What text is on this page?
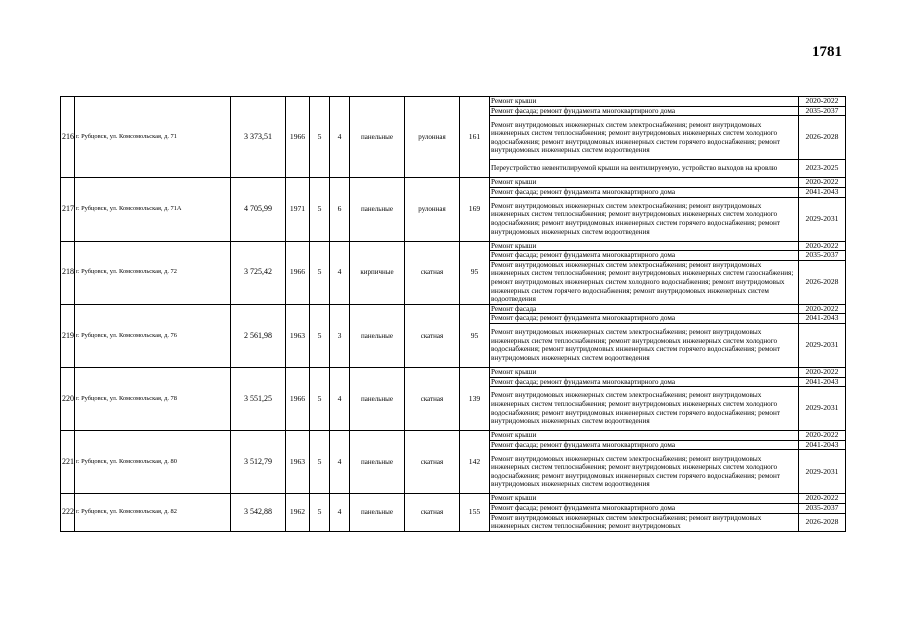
1781
216	г. Рубцовск, ул. Комсомольская, д. 71	3 373,51	1966	5	4	панельные	рулонная	161	Ремонт крыши	2020-2022
									Ремонт фасада; ремонт фундамента многоквартирного дома	2035-2037
									Ремонт внутридомовых инженерных систем электроснабжения; ремонт внутридомовых инженерных систем теплоснабжения; ремонт внутридомовых инженерных систем холодного водоснабжения; ремонт внутридомовых инженерных систем горячего водоснабжения; ремонт внутридомовых инженерных систем водоотведения	2026-2028
									Переустройство невентилируемой крыши на вентилируемую, устройство выходов на кровлю	2023-2025
217	г. Рубцовск, ул. Комсомольская, д. 71А	4 705,99	1971	5	6	панельные	рулонная	169	Ремонт крыши	2020-2022
									Ремонт фасада; ремонт фундамента многоквартирного дома	2041-2043
									Ремонт внутридомовых инженерных систем электроснабжения; ремонт внутридомовых инженерных систем теплоснабжения; ремонт внутридомовых инженерных систем холодного водоснабжения; ремонт внутридомовых инженерных систем горячего водоснабжения; ремонт внутридомовых инженерных систем водоотведения	2029-2031
218	г. Рубцовск, ул. Комсомольская, д. 72	3 725,42	1966	5	4	кирпичные	скатная	95	Ремонт крыши	2020-2022
									Ремонт фасада; ремонт фундамента многоквартирного дома	2035-2037
									Ремонт внутридомовых инженерных систем электроснабжения; ремонт внутридомовых инженерных систем теплоснабжения; ремонт внутридомовых инженерных систем газоснабжения; ремонт внутридомовых инженерных систем холодного водоснабжения; ремонт внутридомовых инженерных систем горячего водоснабжения; ремонт внутридомовых инженерных систем водоотведения	2026-2028
219	г. Рубцовск, ул. Комсомольская, д. 76	2 561,98	1963	5	3	панельные	скатная	95	Ремонт фасада	2020-2022
									Ремонт фасада; ремонт фундамента многоквартирного дома	2041-2043
									Ремонт внутридомовых инженерных систем электроснабжения; ремонт внутридомовых инженерных систем теплоснабжения; ремонт внутридомовых инженерных систем холодного водоснабжения; ремонт внутридомовых инженерных систем горячего водоснабжения; ремонт внутридомовых инженерных систем водоотведения	2029-2031
220	г. Рубцовск, ул. Комсомольская, д. 78	3 551,25	1966	5	4	панельные	скатная	139	Ремонт крыши	2020-2022
									Ремонт фасада; ремонт фундамента многоквартирного дома	2041-2043
									Ремонт внутридомовых инженерных систем электроснабжения; ремонт внутридомовых инженерных систем теплоснабжения; ремонт внутридомовых инженерных систем холодного водоснабжения; ремонт внутридомовых инженерных систем горячего водоснабжения; ремонт внутридомовых инженерных систем водоотведения	2029-2031
221	г. Рубцовск, ул. Комсомольская, д. 80	3 512,79	1963	5	4	панельные	скатная	142	Ремонт крыши	2020-2022
									Ремонт фасада; ремонт фундамента многоквартирного дома	2041-2043
									Ремонт внутридомовых инженерных систем электроснабжения; ремонт внутридомовых инженерных систем теплоснабжения; ремонт внутридомовых инженерных систем холодного водоснабжения; ремонт внутридомовых инженерных систем горячего водоснабжения; ремонт внутридомовых инженерных систем водоотведения	2029-2031
222	г. Рубцовск, ул. Комсомольская, д. 82	3 542,88	1962	5	4	панельные	скатная	155	Ремонт крыши	2020-2022
									Ремонт фасада; ремонт фундамента многоквартирного дома	2035-2037
									Ремонт внутридомовых инженерных систем электроснабжения; ремонт внутридомовых инженерных систем теплоснабжения; ремонт внутридомовых	2026-2028
